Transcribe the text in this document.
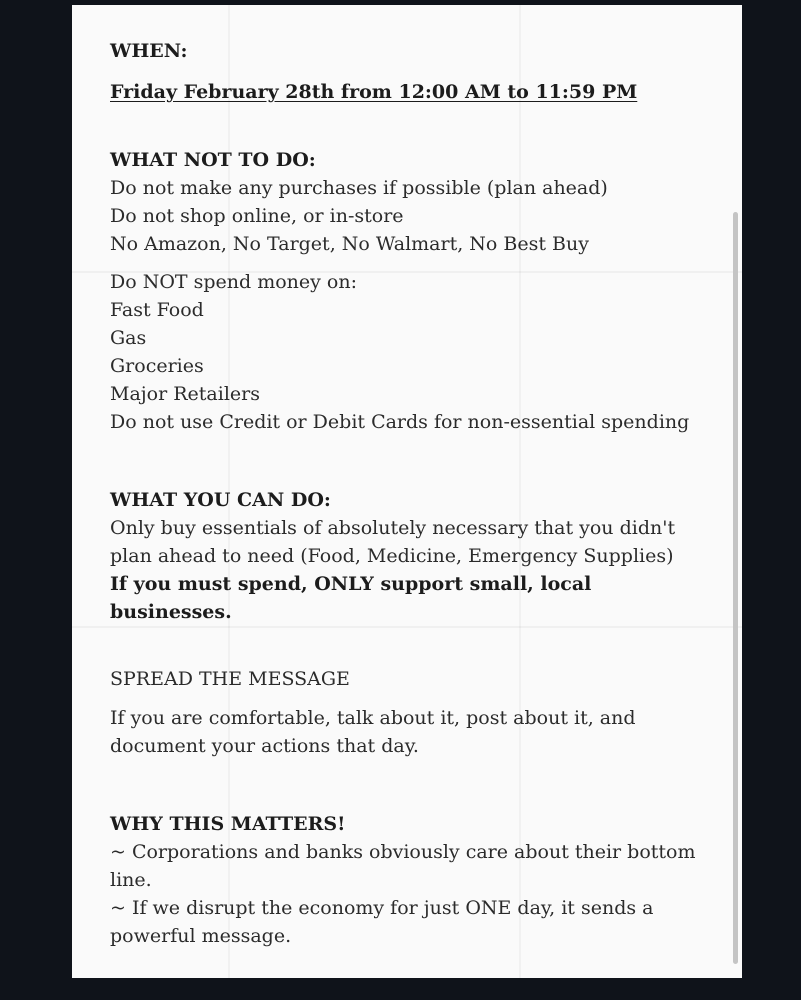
WHEN:
Friday February 28th from 12:00 AM to 11:59 PM
WHAT NOT TO DO:
Do not make any purchases if possible (plan ahead)
Do not shop online, or in-store
No Amazon, No Target, No Walmart, No Best Buy
Do NOT spend money on:
Fast Food
Gas
Groceries
Major Retailers
Do not use Credit or Debit Cards for non-essential spending
WHAT YOU CAN DO:
Only buy essentials of absolutely necessary that you didn't
plan ahead to need (Food, Medicine, Emergency Supplies)
If you must spend, ONLY support small, local
businesses.
SPREAD THE MESSAGE
If you are comfortable, talk about it, post about it, and
document your actions that day.
WHY THIS MATTERS!
~ Corporations and banks obviously care about their bottom
line.
~ If we disrupt the economy for just ONE day, it sends a
powerful message.
